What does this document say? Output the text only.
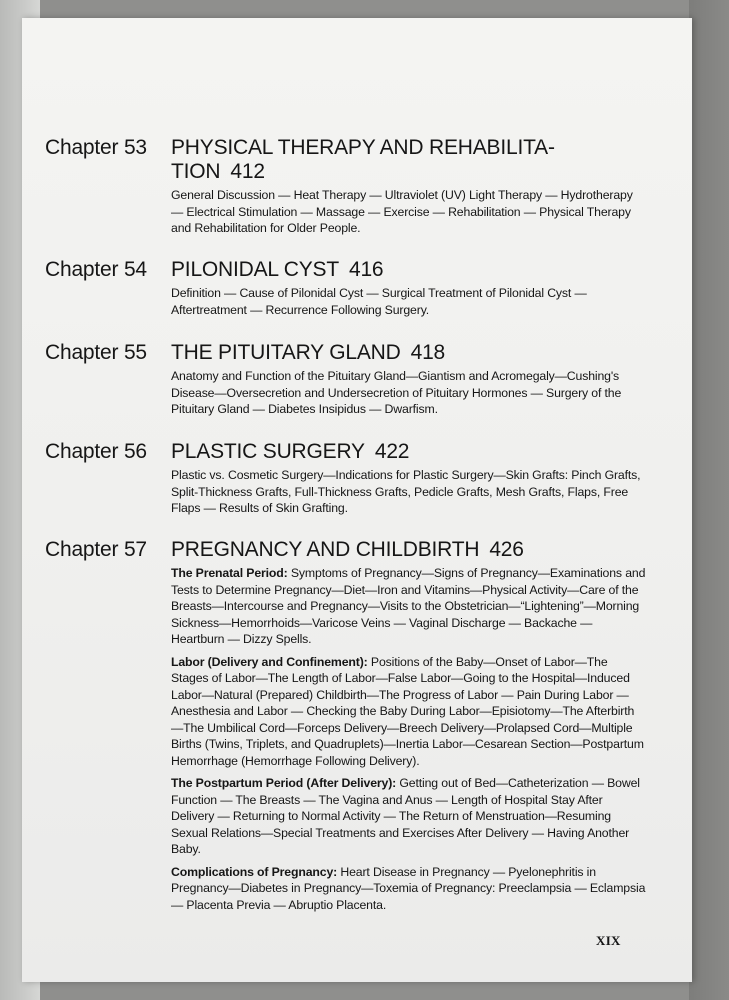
Chapter 53 PHYSICAL THERAPY AND REHABILITA-TION 412

General Discussion — Heat Therapy — Ultraviolet (UV) Light Therapy — Hydrotherapy — Electrical Stimulation — Massage — Exercise — Rehabilitation — Physical Therapy and Rehabilitation for Older People.

Chapter 54 PILONIDAL CYST 416

Definition — Cause of Pilonidal Cyst — Surgical Treatment of Pilonidal Cyst — Aftertreatment — Recurrence Following Surgery.

Chapter 55 THE PITUITARY GLAND 418

Anatomy and Function of the Pituitary Gland—Giantism and Acromegaly—Cushing's Disease—Oversecretion and Undersecretion of Pituitary Hormones — Surgery of the Pituitary Gland — Diabetes Insipidus — Dwarfism.

Chapter 56 PLASTIC SURGERY 422

Plastic vs. Cosmetic Surgery—Indications for Plastic Surgery—Skin Grafts: Pinch Grafts, Split-Thickness Grafts, Full-Thickness Grafts, Pedicle Grafts, Mesh Grafts, Flaps, Free Flaps — Results of Skin Grafting.

Chapter 57 PREGNANCY AND CHILDBIRTH 426

The Prenatal Period: Symptoms of Pregnancy—Signs of Pregnancy—Examinations and Tests to Determine Pregnancy—Diet—Iron and Vitamins—Physical Activity—Care of the Breasts—Intercourse and Pregnancy—Visits to the Obstetrician—“Lightening”—Morning Sickness—Hemorrhoids—Varicose Veins — Vaginal Discharge — Backache — Heartburn — Dizzy Spells.

Labor (Delivery and Confinement): Positions of the Baby—Onset of Labor—The Stages of Labor—The Length of Labor—False Labor—Going to the Hospital—Induced Labor—Natural (Prepared) Childbirth—The Progress of Labor — Pain During Labor — Anesthesia and Labor — Checking the Baby During Labor—Episiotomy—The Afterbirth—The Umbilical Cord—Forceps Delivery—Breech Delivery—Prolapsed Cord—Multiple Births (Twins, Triplets, and Quadruplets)—Inertia Labor—Cesarean Section—Postpartum Hemorrhage (Hemorrhage Following Delivery).

The Postpartum Period (After Delivery): Getting out of Bed—Catheterization — Bowel Function — The Breasts — The Vagina and Anus — Length of Hospital Stay After Delivery — Returning to Normal Activity — The Return of Menstruation—Resuming Sexual Relations—Special Treatments and Exercises After Delivery — Having Another Baby.

Complications of Pregnancy: Heart Disease in Pregnancy — Pyelonephritis in Pregnancy—Diabetes in Pregnancy—Toxemia of Pregnancy: Preeclampsia — Eclampsia — Placenta Previa — Abruptio Placenta.

XIX
